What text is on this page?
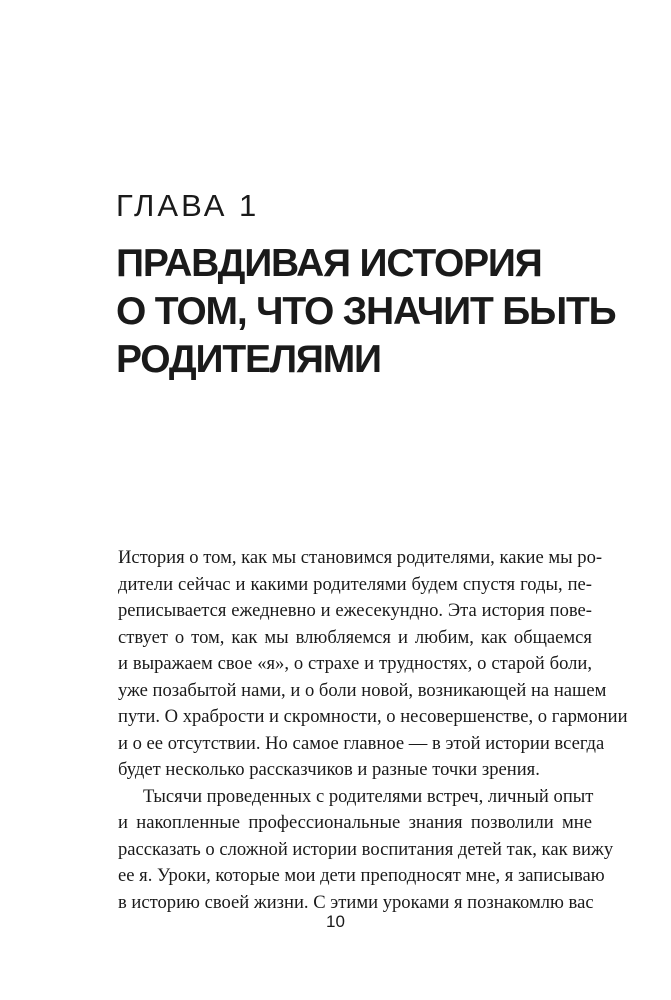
ГЛАВА 1
ПРАВДИВАЯ ИСТОРИЯ
О ТОМ, ЧТО ЗНАЧИТ БЫТЬ
РОДИТЕЛЯМИ
История о том, как мы становимся родителями, какие мы ро-
дители сейчас и какими родителями будем спустя годы, пе-
реписывается ежедневно и ежесекундно. Эта история пове-
ствует о том, как мы влюбляемся и любим, как общаемся
и выражаем свое «я», о страхе и трудностях, о старой боли,
уже позабытой нами, и о боли новой, возникающей на нашем
пути. О храбрости и скромности, о несовершенстве, о гармонии
и о ее отсутствии. Но самое главное — в этой истории всегда
будет несколько рассказчиков и разные точки зрения.
Тысячи проведенных с родителями встреч, личный опыт
и накопленные профессиональные знания позволили мне
рассказать о сложной истории воспитания детей так, как вижу
ее я. Уроки, которые мои дети преподносят мне, я записываю
в историю своей жизни. С этими уроками я познакомлю вас
10
